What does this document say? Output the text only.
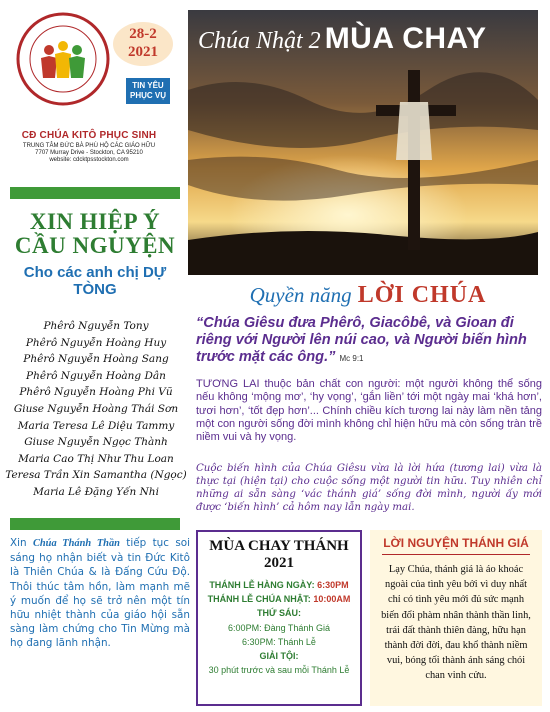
28-2
2021
TIN YÊU PHỤC VỤ
CĐ CHÚA KITÔ PHỤC SINH
TRUNG TÂM ĐỨC BÀ PHÙ HỘ CÁC GIÁO HỮU
7707 Murray Drive - Stockton, CA 95210
website: cdcktpsstockton.com
Chúa Nhật 2 MÙA CHAY
XIN HIỆP Ý CẦU NGUYỆN
Cho các anh chị DỰ TÒNG
Phêrô Nguyễn Tony
Phêrô Nguyễn Hoàng Huy
Phêrô Nguyễn Hoàng Sang
Phêrô Nguyễn Hoàng Dân
Phêrô Nguyễn Hoàng Phi Vũ
Giuse Nguyễn Hoàng Thái Sơn
Maria Teresa Lê Diệu Tammy
Giuse Nguyễn Ngọc Thành
Maria Cao Thị Như Thu Loan
Teresa Trần Xin Samantha (Ngọc)
Maria Lê Đặng Yến Nhi
Quyền năng LỜI CHÚA
“Chúa Giêsu đưa Phêrô, Giacôbê, và Gioan đi riêng với Người lên núi cao, và Người biến hình trước mặt các ông.” Mc 9:1
TƯƠNG LAI thuộc bản chất con người: một người không thể sống nếu không ‘mộng mơ’, ‘hy vọng’, ‘gắn liền’ tới một ngày mai ‘khá hơn’, tươi hơn’, ‘tốt đẹp hơn’... Chính chiều kích tương lai này làm nền tảng một con người sống đời mình không chỉ hiện hữu mà còn sống tràn trề niềm vui và hy vọng.
Cuộc biến hình của Chúa Giêsu vừa là lời hứa (tương lai) vừa là thực tại (hiện tại) cho cuộc sống một người tin hữu. Tuy nhiên chỉ những ai sẵn sàng ‘vác thánh giá’ sống đời mình, người ấy mới được ‘biến hình’ cả hôm nay lẫn ngày mai.
Xin Chúa Thánh Thần tiếp tục soi sáng họ nhận biết và tin Đức Kitô là Thiên Chúa & là Đấng Cứu Độ. Thôi thúc tâm hồn, làm mạnh mẽ ý muốn để họ sẽ trở nên một tín hữu nhiệt thành của giáo hội sẵn sàng làm chứng cho Tin Mừng mà họ đang lãnh nhận.
MÙA CHAY THÁNH
2021
THÁNH LỄ HÀNG NGÀY: 6:30PM
THÁNH LỄ CHÚA NHẬT: 10:00AM
THỨ SÁU:
6:00PM: Đàng Thánh Giá
6:30PM: Thánh Lễ
GIẢI TỘI:
30 phút trước và sau mỗi Thánh Lễ
LỜI NGUYỆN THÁNH GIÁ
Lạy Chúa, thánh giá là áo khoác ngoài của tình yêu bởi vì duy nhất chỉ có tình yêu mới đủ sức mạnh biến đổi phàm nhân thành thần linh, trái đất thành thiên đàng, hữu hạn thành đời đời, đau khổ thành niềm vui, bóng tối thành ánh sáng chói chan vinh cửu.
